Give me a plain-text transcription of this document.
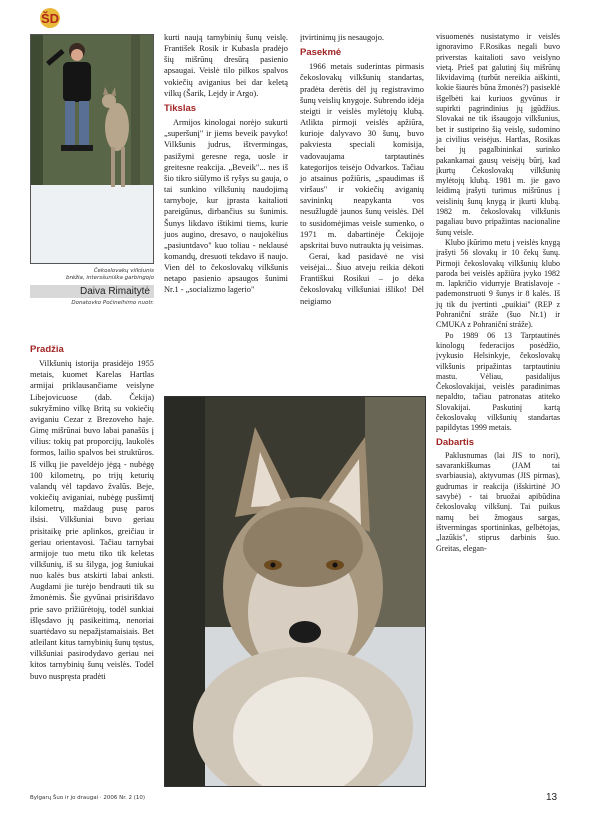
ŠD
Čekoslovakų vilkšunis
brėžia, intersšuniška garbingojo
Daiva Rimaitytė
Donatovko Počinelhimo nuotr.
Pradžia

Vilkšunių istorija prasidėjo 1955 metais, kuomet Karelas Hartlas armijai priklausančiame veislyne Libejovicuose (dab. Čekija) sukryžmino vilkę Britą su vokiečių aviganiu Cezar z Brezoveho haje. Gimę mišrūnai buvo labai panašūs į vilius: tokių pat proporcijų, laukolės formos, lailio spalvos bei struktūros. Iš vilkų jie paveldėjo jėgą - nubėgę 100 kilometrų, po trijų keturių valandų vėl tapdavo žvalūs. Beje, vokiečių aviganiai, nubėgę pusšimtį kilometrų, maždaug pusę paros ilsisi. Vilkšuniai buvo geriau prisitaikę prie aplinkos, greičiau ir geriau orientavosi. Tačiau tarnybai armijoje tuo metu tiko tik keletas vilkšunių, iš su šilyga, jog šuniukai nuo kalės bus atskirti labai anksti. Augdami jie turėjo bendrauti tik su žmonėmis. Šie gyvūnai prisirišdavo prie savo prižiūrėtojų, todėl sunkiai išlęsdavo jų pasikeitimą, nenoriai suartėdavo su nepažįstamaisiais. Bet atleilant kitus tarnybinių šunų tęstus, vilkšuniai pasirodydavo geriau nei kitos tarnybinių šunų veislės. Todėl buvo nuspręsta pradėti

kurti naują tarnybinių šunų veislę. František Rosik ir Kubasla pradėjo šių mišrūnų dresūrą pasienio apsaugai. Veislė tilo pilkos spalvos vokiečių aviganius bei dar keletą vilkų (Šarik, Lejdy ir Argo).

Tikslas

Armijos kinologai norėjo sukurti „superšunį" ir jiems beveik pavyko! Vilkšunis judrus, ištvermingas, pasižymi geresne rega, uosle ir greitesne reakcija. „Beveik"... nes iš šio tikro siūlymo iš ryšys su gauja, o tai sunkino vilkšunių naudojimą tarnyboje, kur įprasta kaitalioti pareigūnus, dirbančius su šunimis. Šunys likdavo ištikimi tiems, kurie juos augino, dresavo, o naujokėlius „pasiuntdavo" kuo toliau - neklausė komandų, dresuoti tekdavo iš naujo. Vien dėl to čekoslovakų vilkšunis netapo pasienio apsaugos šunimi Nr.1 - „socializmo lagerio"

įtvirtinimų jis nesaugojo.

Pasekmė

1966 metais suderintas pirmasis čekoslovakų vilkšunių standartas, pradėta derėtis dėl jų registravimo šunų veislių knygoje. Subrendo idėja steigti ir veislės mylėtojų klubą. Atlikta pirmoji veislės apžiūra, kurioje dalyvavo 30 šunų, buvo pakviesta speciali komisija, vadovaujama tarptautinės kategorijos teisėjo Odvarkos. Tačiau jo atsainus požiūris, „spaudimas iš viršaus" ir vokiečių aviganių savininkų neapykanta vos nesužlugdė jaunos šunų veislės. Dėl to susidomėjimas veisle sumenko, o 1971 m. dabartinėje Čekijoje apskritai buvo nutraukta jų veisimas.

Gerai, kad pasidavė ne visi veisėjai... Šiuo atveju reikia dėkoti Františkui Rosikui – jo dėka čekoslovakų vilkšuniai išliko! Dėl neigiamo

visuomenės nusistatymo ir veislės ignoravimo F.Rosikas negali buvo priverstas kaitalioti savo veislyno vietą. Prieš pat galutinį šių mišrūnų likvidavimą (turbūt nereikia aiškinti, kokie šiaurės būna žmonės?) pasiseklė išgelbėti kai kuriuos gyvūnus ir supirkti pagrindinius jų įgūdžius. Slovakai ne tik išsaugojo vilkšunius, bet ir sustiprino šią veislę, sudomino ja civilius veisėjus. Hartlas, Rosikas bei jų pagalbininkai surinko pakankamai gausų veisėjų būrį, kad įkurtų Čekoslovakų vilkšunių mylėtojų klubą. 1981 m. jie gavo leidimą įrašyti turimus mišrūnus į veislinių šunų knygą ir įkurti klubą. 1982 m. čekoslovakų vilkšunis pagaliau buvo pripažintas nacionaline šunų veisle.

Klubo įkūrimo metu į veislės knygą įrašyti 56 slovakų ir 10 čekų šunų. Pirmoji čekoslovakų vilkšunių klubo paroda bei veislės apžiūra įvyko 1982 m. lapkričio vidurryje Bratislavoje - pademonstruoti 9 šunys ir 8 kalės. Iš jų tik du įvertinti „puikiai" (REP z Pohraniční stráže (šuo Nr.1) ir CMUKA z Pohraniční stráže).

Po 1989 06 13 Tarptautinės kinologų federacijos posėdžio, įvykusio Helsinkyje, čekoslovakų vilkšunis pripažintas tarptautiniu mastu. Vėliau, pasidalijus Čekoslovakijai, veislės paradinimas nepaldto, tačiau patronatas atiteko Slovakijai. Paskutinį kartą čekoslovakų vilkšunių standartas papildytas 1999 metais.

Dabartis

Paklusnumas (lai JIS to nori), savarankiškumas (JAM tai svarbiausia), aktyvumas (JIS pirmas), gudrumas ir reakcija (išskirtinė JO savybė) - tai bruožai apibūdina čekoslovakų vilkšunį. Tai puikus namų bei žmogaus sargas, ištvermingas sportininkas, gelbėtojas, „lazūkis", stiprus darbinis šuo. Greitas, elegan-

Bylgarų Šuo ir jo draugai · 2006 Nr. 2 (10)	13
